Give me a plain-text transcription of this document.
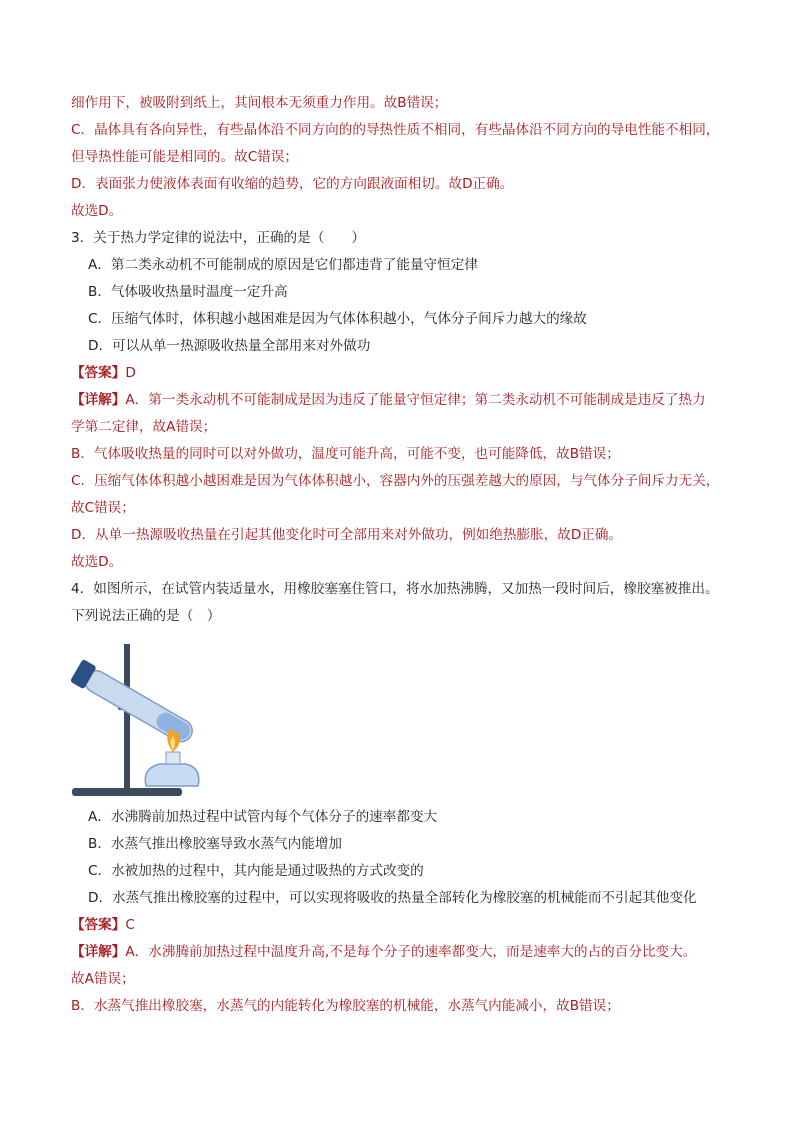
细作用下，被吸附到纸上，其间根本无须重力作用。故B错误；
C．晶体具有各向异性，有些晶体沿不同方向的的导热性质不相同，有些晶体沿不同方向的导电性能不相同，
但导热性能可能是相同的。故C错误；
D．表面张力使液体表面有收缩的趋势，它的方向跟液面相切。故D正确。
故选D。
3．关于热力学定律的说法中，正确的是（　　）
A．第二类永动机不可能制成的原因是它们都违背了能量守恒定律
B．气体吸收热量时温度一定升高
C．压缩气体时，体积越小越困难是因为气体体积越小，气体分子间斥力越大的缘故
D．可以从单一热源吸收热量全部用来对外做功
【答案】D
【详解】A．第一类永动机不可能制成是因为违反了能量守恒定律；第二类永动机不可能制成是违反了热力
学第二定律，故A错误；
B．气体吸收热量的同时可以对外做功，温度可能升高，可能不变，也可能降低，故B错误；
C．压缩气体体积越小越困难是因为气体体积越小，容器内外的压强差越大的原因，与气体分子间斥力无关，
故C错误；
D．从单一热源吸收热量在引起其他变化时可全部用来对外做功，例如绝热膨胀，故D正确。
故选D。
4．如图所示，在试管内装适量水，用橡胶塞塞住管口，将水加热沸腾，又加热一段时间后，橡胶塞被推出。
下列说法正确的是（　）
A．水沸腾前加热过程中试管内每个气体分子的速率都变大
B．水蒸气推出橡胶塞导致水蒸气内能增加
C．水被加热的过程中，其内能是通过吸热的方式改变的
D．水蒸气推出橡胶塞的过程中，可以实现将吸收的热量全部转化为橡胶塞的机械能而不引起其他变化
【答案】C
【详解】A．水沸腾前加热过程中温度升高,不是每个分子的速率都变大，而是速率大的占的百分比变大。
故A错误；
B．水蒸气推出橡胶塞，水蒸气的内能转化为橡胶塞的机械能，水蒸气内能减小，故B错误；
